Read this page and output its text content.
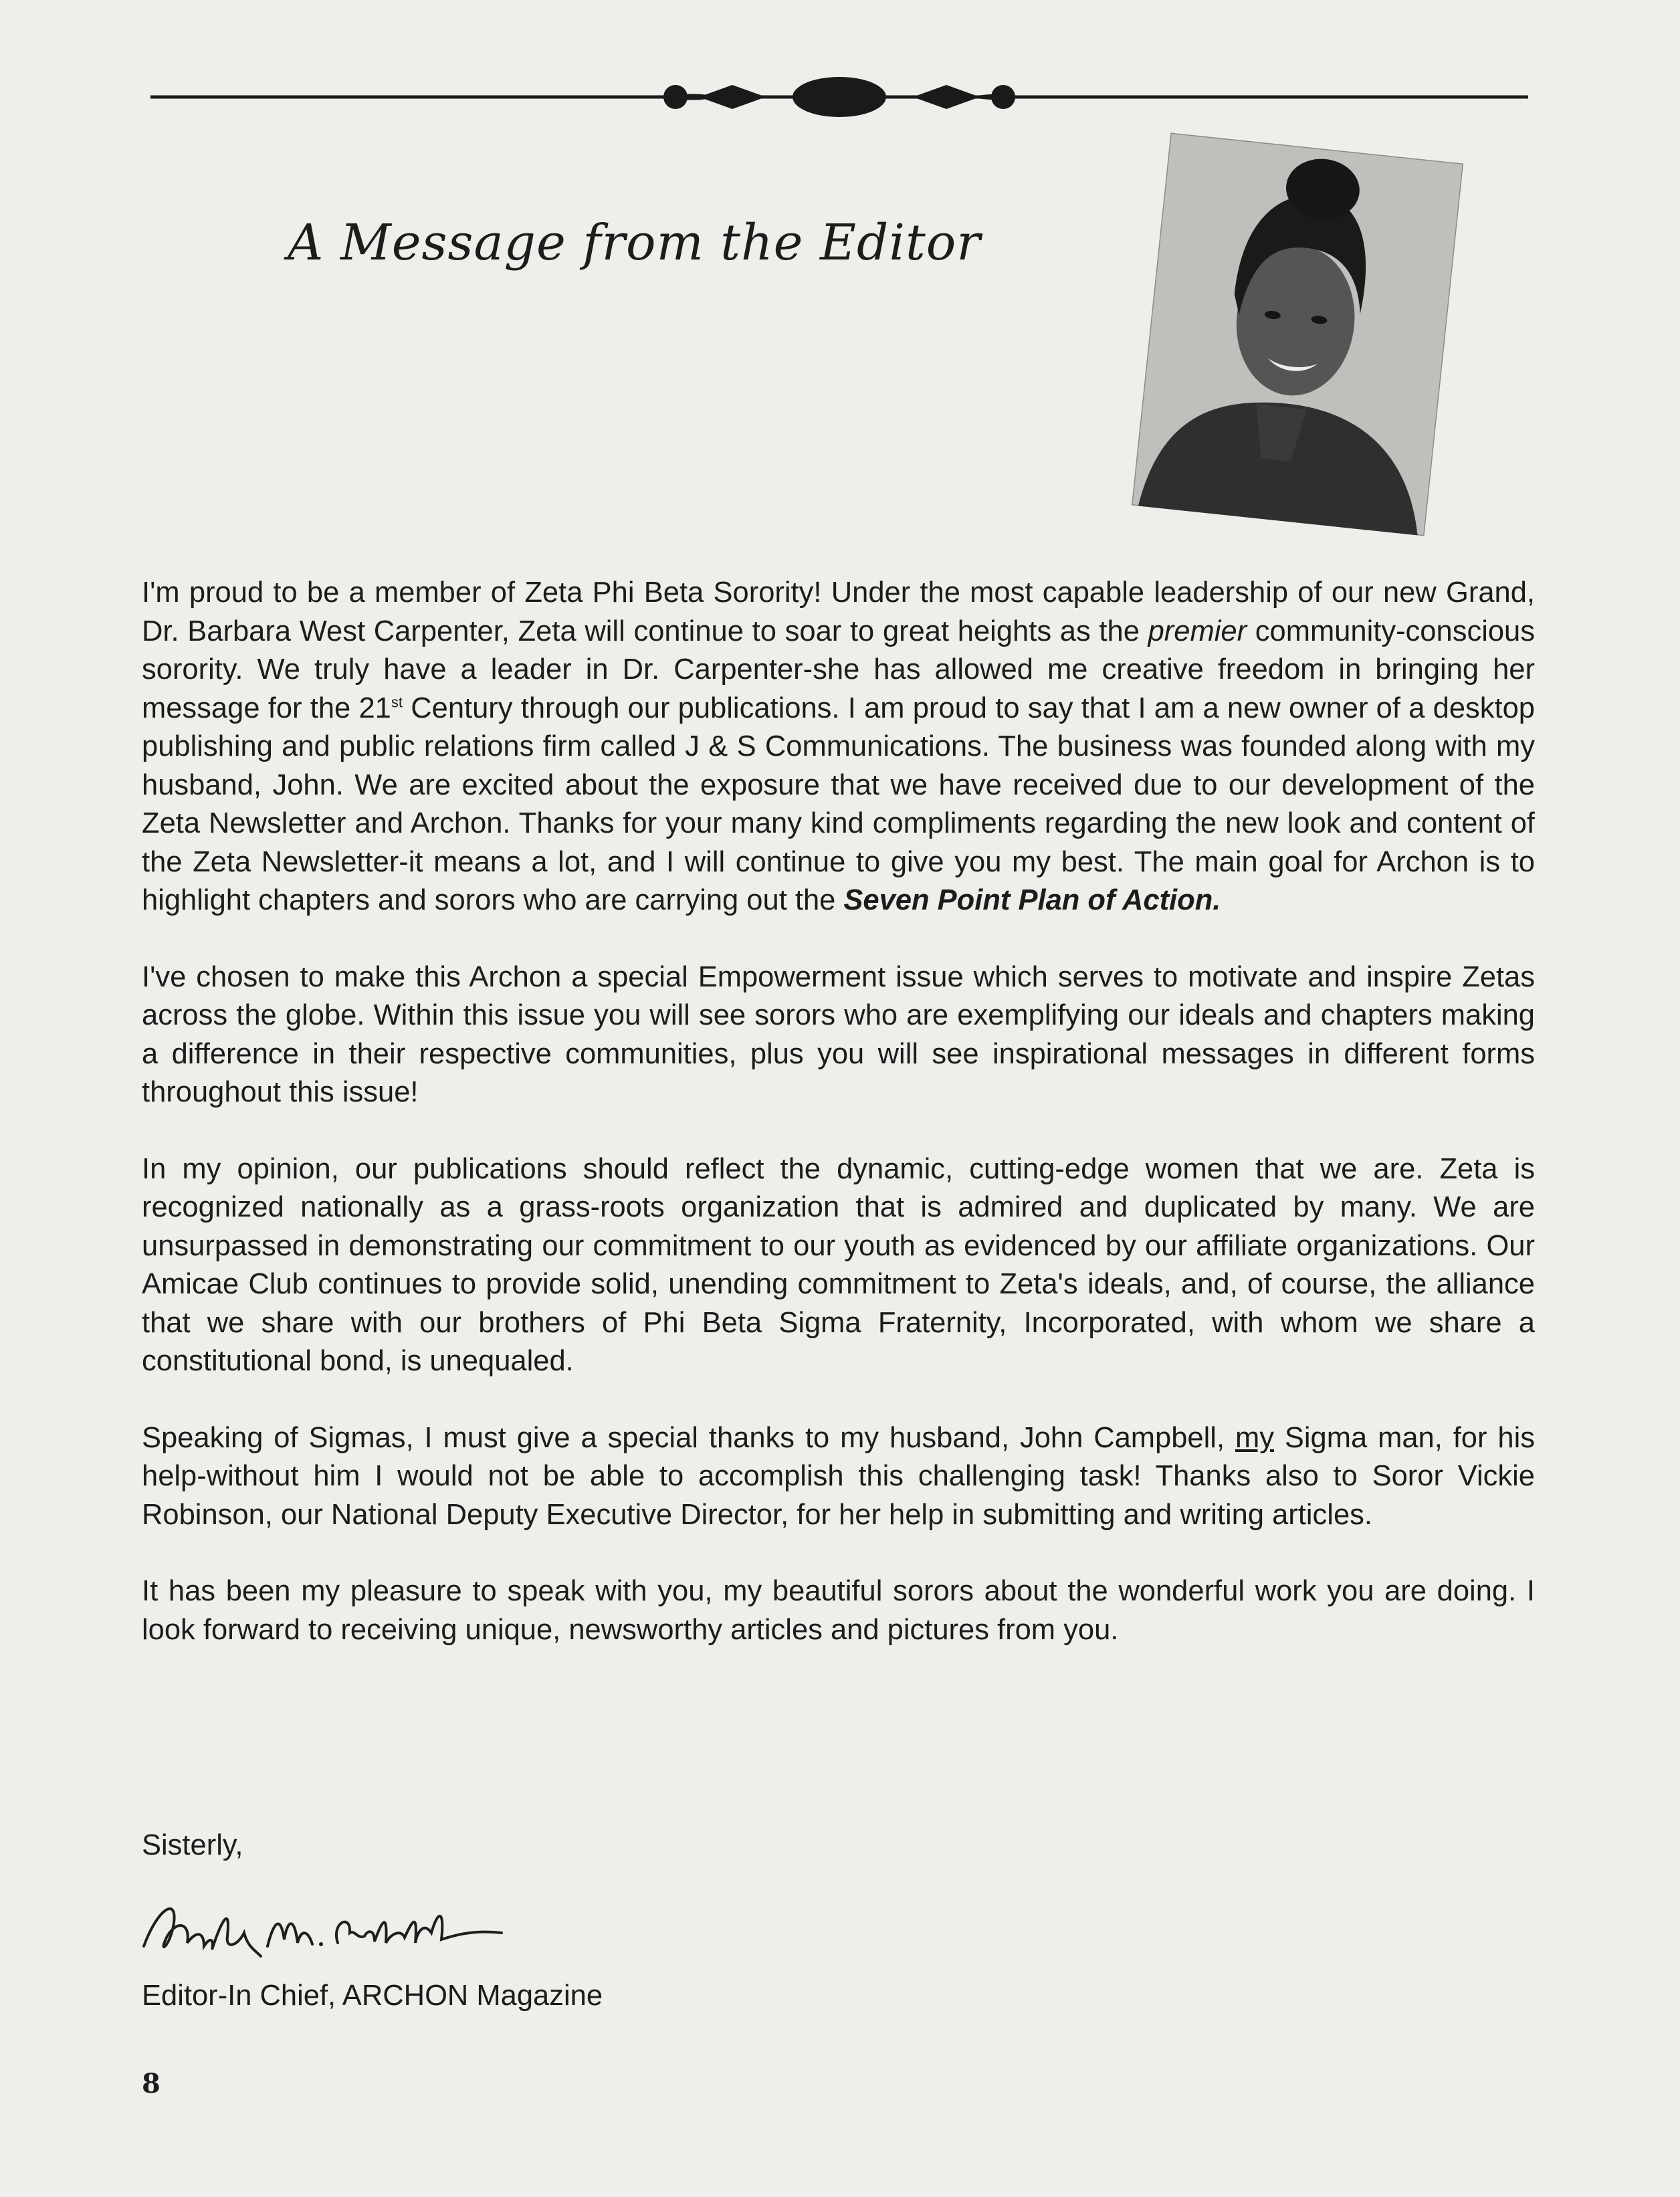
A Message from the Editor

I'm proud to be a member of Zeta Phi Beta Sorority! Under the most capable leadership of our new Grand, Dr. Barbara West Carpenter, Zeta will continue to soar to great heights as the premier community-conscious sorority. We truly have a leader in Dr. Carpenter-she has allowed me creative freedom in bringing her message for the 21st Century through our publications. I am proud to say that I am a new owner of a desktop publishing and public relations firm called J & S Communications. The business was founded along with my husband, John. We are excited about the exposure that we have received due to our development of the Zeta Newsletter and Archon. Thanks for your many kind compliments regarding the new look and content of the Zeta Newsletter-it means a lot, and I will continue to give you my best. The main goal for Archon is to highlight chapters and sorors who are carrying out the Seven Point Plan of Action.

I've chosen to make this Archon a special Empowerment issue which serves to motivate and inspire Zetas across the globe. Within this issue you will see sorors who are exemplifying our ideals and chapters making a difference in their respective communities, plus you will see inspirational messages in different forms throughout this issue!

In my opinion, our publications should reflect the dynamic, cutting-edge women that we are. Zeta is recognized nationally as a grass-roots organization that is admired and duplicated by many. We are unsurpassed in demonstrating our commitment to our youth as evidenced by our affiliate organizations. Our Amicae Club continues to provide solid, unending commitment to Zeta's ideals, and, of course, the alliance that we share with our brothers of Phi Beta Sigma Fraternity, Incorporated, with whom we share a constitutional bond, is unequaled.

Speaking of Sigmas, I must give a special thanks to my husband, John Campbell, my Sigma man, for his help-without him I would not be able to accomplish this challenging task! Thanks also to Soror Vickie Robinson, our National Deputy Executive Director, for her help in submitting and writing articles.

It has been my pleasure to speak with you, my beautiful sorors about the wonderful work you are doing. I look forward to receiving unique, newsworthy articles and pictures from you.

Sisterly,
Editor-In Chief, ARCHON Magazine
8
